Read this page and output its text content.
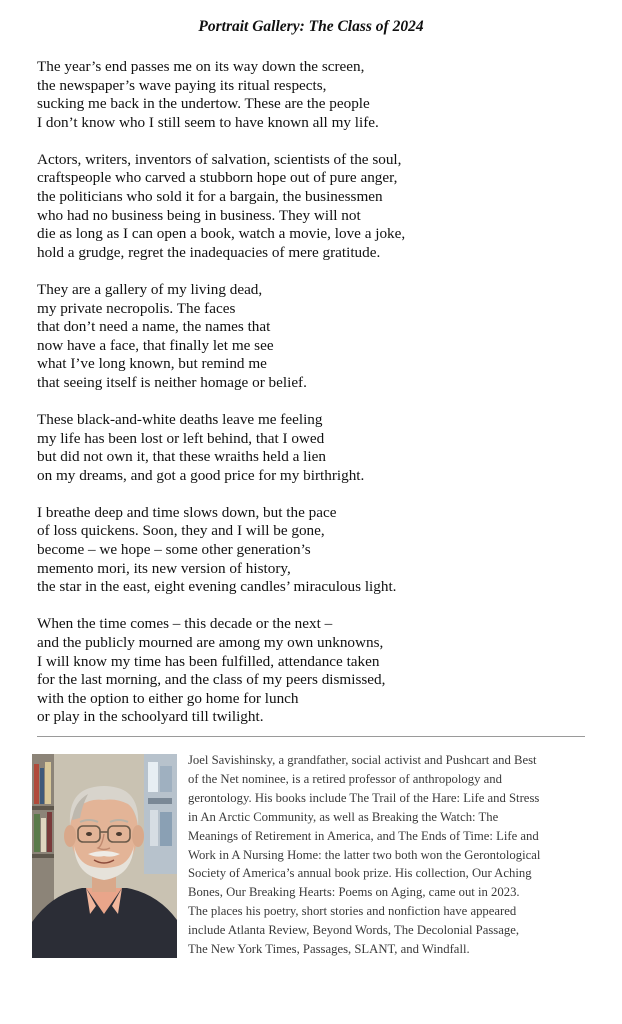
Portrait Gallery: The Class of 2024
The year’s end passes me on its way down the screen,
the newspaper’s wave paying its ritual respects,
sucking me back in the undertow. These are the people
I don’t know who I still seem to have known all my life.
Actors, writers, inventors of salvation, scientists of the soul,
craftspeople who carved a stubborn hope out of pure anger,
the politicians who sold it for a bargain, the businessmen
who had no business being in business. They will not
die as long as I can open a book, watch a movie, love a joke,
hold a grudge, regret the inadequacies of mere gratitude.
They are a gallery of my living dead,
my private necropolis. The faces
that don’t need a name, the names that
now have a face, that finally let me see
what I’ve long known, but remind me
that seeing itself is neither homage or belief.
These black-and-white deaths leave me feeling
my life has been lost or left behind, that I owed
but did not own it, that these wraiths held a lien
on my dreams, and got a good price for my birthright.
I breathe deep and time slows down, but the pace
of loss quickens. Soon, they and I will be gone,
become – we hope – some other generation’s
memento mori, its new version of history,
the star in the east, eight evening candles’ miraculous light.
When the time comes – this decade or the next –
and the publicly mourned are among my own unknowns,
I will know my time has been fulfilled, attendance taken
for the last morning, and the class of my peers dismissed,
with the option to either go home for lunch
or play in the schoolyard till twilight.
Joel Savishinsky, a grandfather, social activist and Pushcart and Best
of the Net nominee, is a retired professor of anthropology and
gerontology. His books include The Trail of the Hare: Life and Stress
in An Arctic Community, as well as Breaking the Watch: The
Meanings of Retirement in America, and The Ends of Time: Life and
Work in A Nursing Home: the latter two both won the Gerontological
Society of America’s annual book prize. His collection, Our Aching
Bones, Our Breaking Hearts: Poems on Aging, came out in 2023.
The places his poetry, short stories and nonfiction have appeared
include Atlanta Review, Beyond Words, The Decolonial Passage,
The New York Times, Passages, SLANT, and Windfall.
